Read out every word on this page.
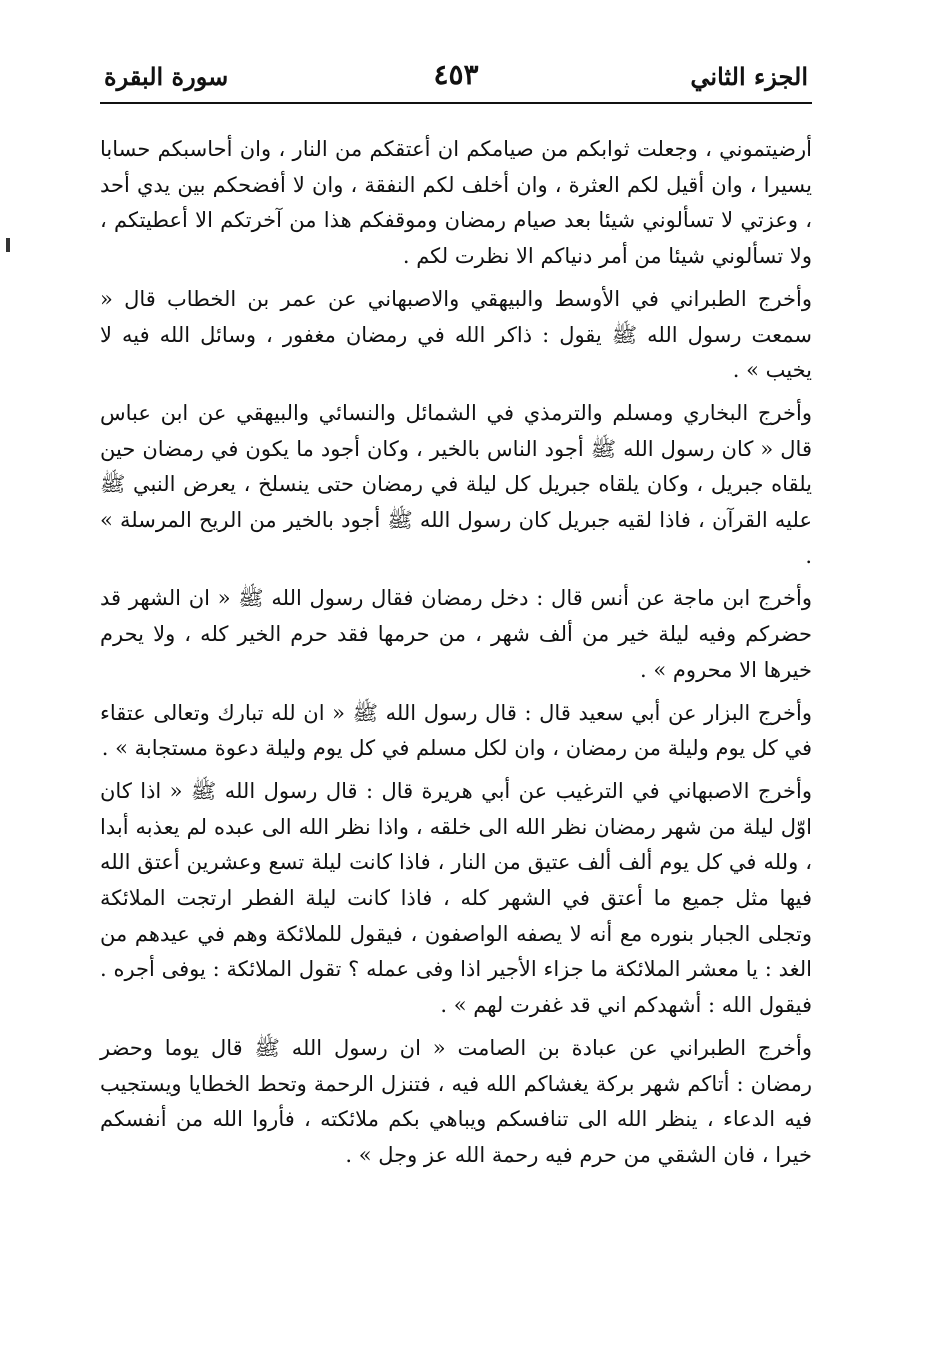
الجزء الثاني
٤٥٣
سورة البقرة

أرضيتموني ، وجعلت ثوابكم من صيامكم ان أعتقكم من النار ، وان أحاسبكم حسابا يسيرا ، وان أقيل لكم العثرة ، وان أخلف لكم النفقة ، وان لا أفضحكم بين يدي أحد ، وعزتي لا تسألوني شيئا بعد صيام رمضان وموقفكم هذا من آخرتكم الا أعطيتكم ، ولا تسألوني شيئا من أمر دنياكم الا نظرت لكم .

وأخرج الطبراني في الأوسط والبيهقي والاصبهاني عن عمر بن الخطاب قال « سمعت رسول الله ﷺ يقول : ذاكر الله في رمضان مغفور ، وسائل الله فيه لا يخيب » .

وأخرج البخاري ومسلم والترمذي في الشمائل والنسائي والبيهقي عن ابن عباس قال « كان رسول الله ﷺ أجود الناس بالخير ، وكان أجود ما يكون في رمضان حين يلقاه جبريل ، وكان يلقاه جبريل كل ليلة في رمضان حتى ينسلخ ، يعرض النبي ﷺ عليه القرآن ، فاذا لقيه جبريل كان رسول الله ﷺ أجود بالخير من الريح المرسلة » .

وأخرج ابن ماجة عن أنس قال : دخل رمضان فقال رسول الله ﷺ « ان الشهر قد حضركم وفيه ليلة خير من ألف شهر ، من حرمها فقد حرم الخير كله ، ولا يحرم خيرها الا محروم » .

وأخرج البزار عن أبي سعيد قال : قال رسول الله ﷺ « ان لله تبارك وتعالى عتقاء في كل يوم وليلة من رمضان ، وان لكل مسلم في كل يوم وليلة دعوة مستجابة » .

وأخرج الاصبهاني في الترغيب عن أبي هريرة قال : قال رسول الله ﷺ « اذا كان اوّل ليلة من شهر رمضان نظر الله الى خلقه ، واذا نظر الله الى عبده لم يعذبه أبدا ، ولله في كل يوم ألف ألف عتيق من النار ، فاذا كانت ليلة تسع وعشرين أعتق الله فيها مثل جميع ما أعتق في الشهر كله ، فاذا كانت ليلة الفطر ارتجت الملائكة وتجلى الجبار بنوره مع أنه لا يصفه الواصفون ، فيقول للملائكة وهم في عيدهم من الغد : يا معشر الملائكة ما جزاء الأجير اذا وفى عمله ؟ تقول الملائكة : يوفى أجره . فيقول الله : أشهدكم اني قد غفرت لهم » .

وأخرج الطبراني عن عبادة بن الصامت « ان رسول الله ﷺ قال يوما وحضر رمضان : أتاكم شهر بركة يغشاكم الله فيه ، فتنزل الرحمة وتحط الخطايا ويستجيب فيه الدعاء ، ينظر الله الى تنافسكم ويباهي بكم ملائكته ، فأروا الله من أنفسكم خيرا ، فان الشقي من حرم فيه رحمة الله عز وجل » .
